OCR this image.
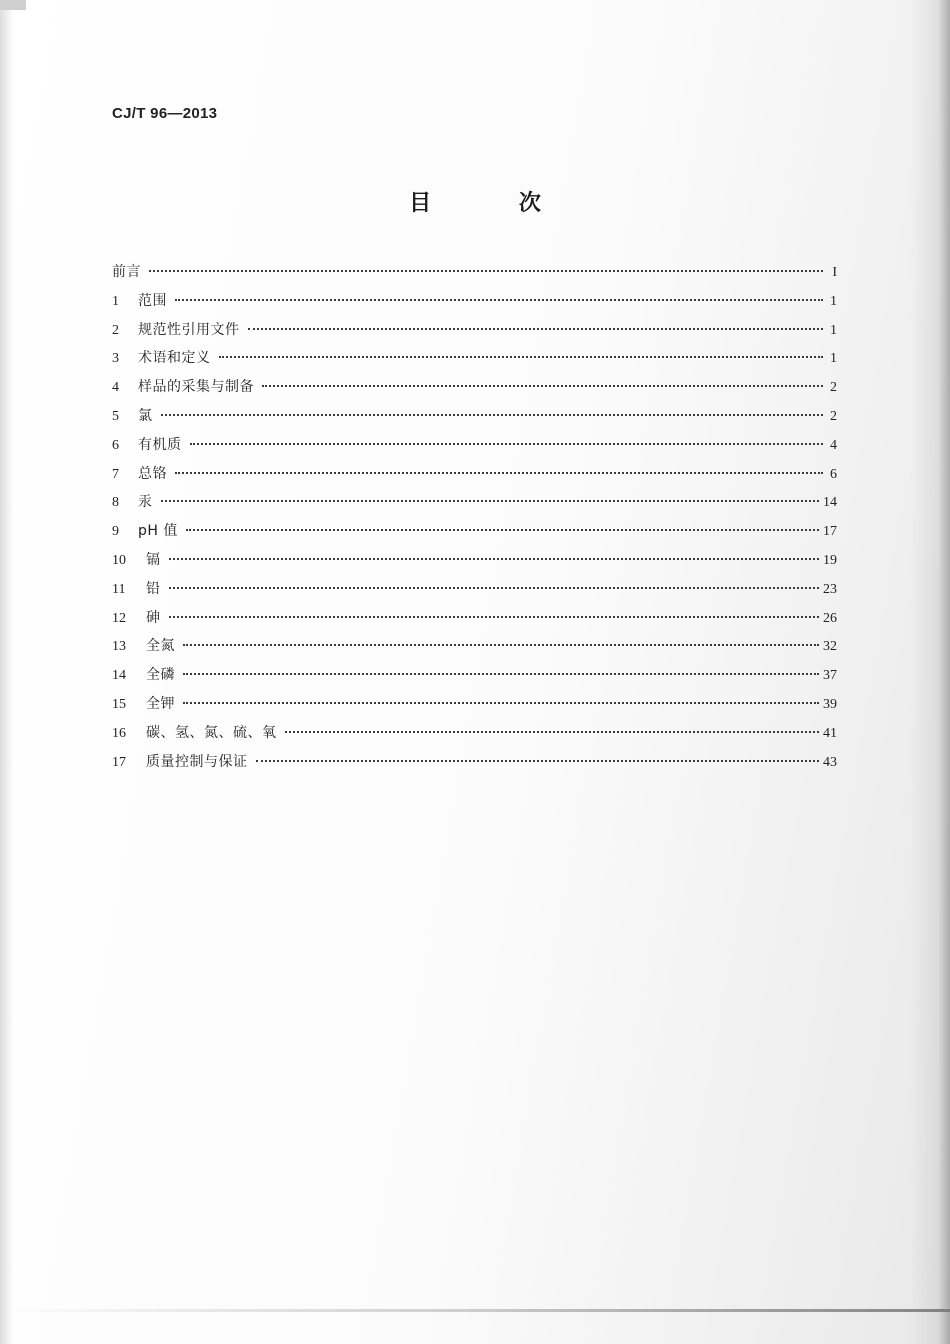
CJ/T 96—2013
目 次
前言	I
1	范围	1
2	规范性引用文件	1
3	术语和定义	1
4	样品的采集与制备	2
5	氯	2
6	有机质	4
7	总铬	6
8	汞	14
9	pH 值	17
10	镉	19
11	铅	23
12	砷	26
13	全氮	32
14	全磷	37
15	全钾	39
16	碳、氢、氮、硫、氧	41
17	质量控制与保证	43
